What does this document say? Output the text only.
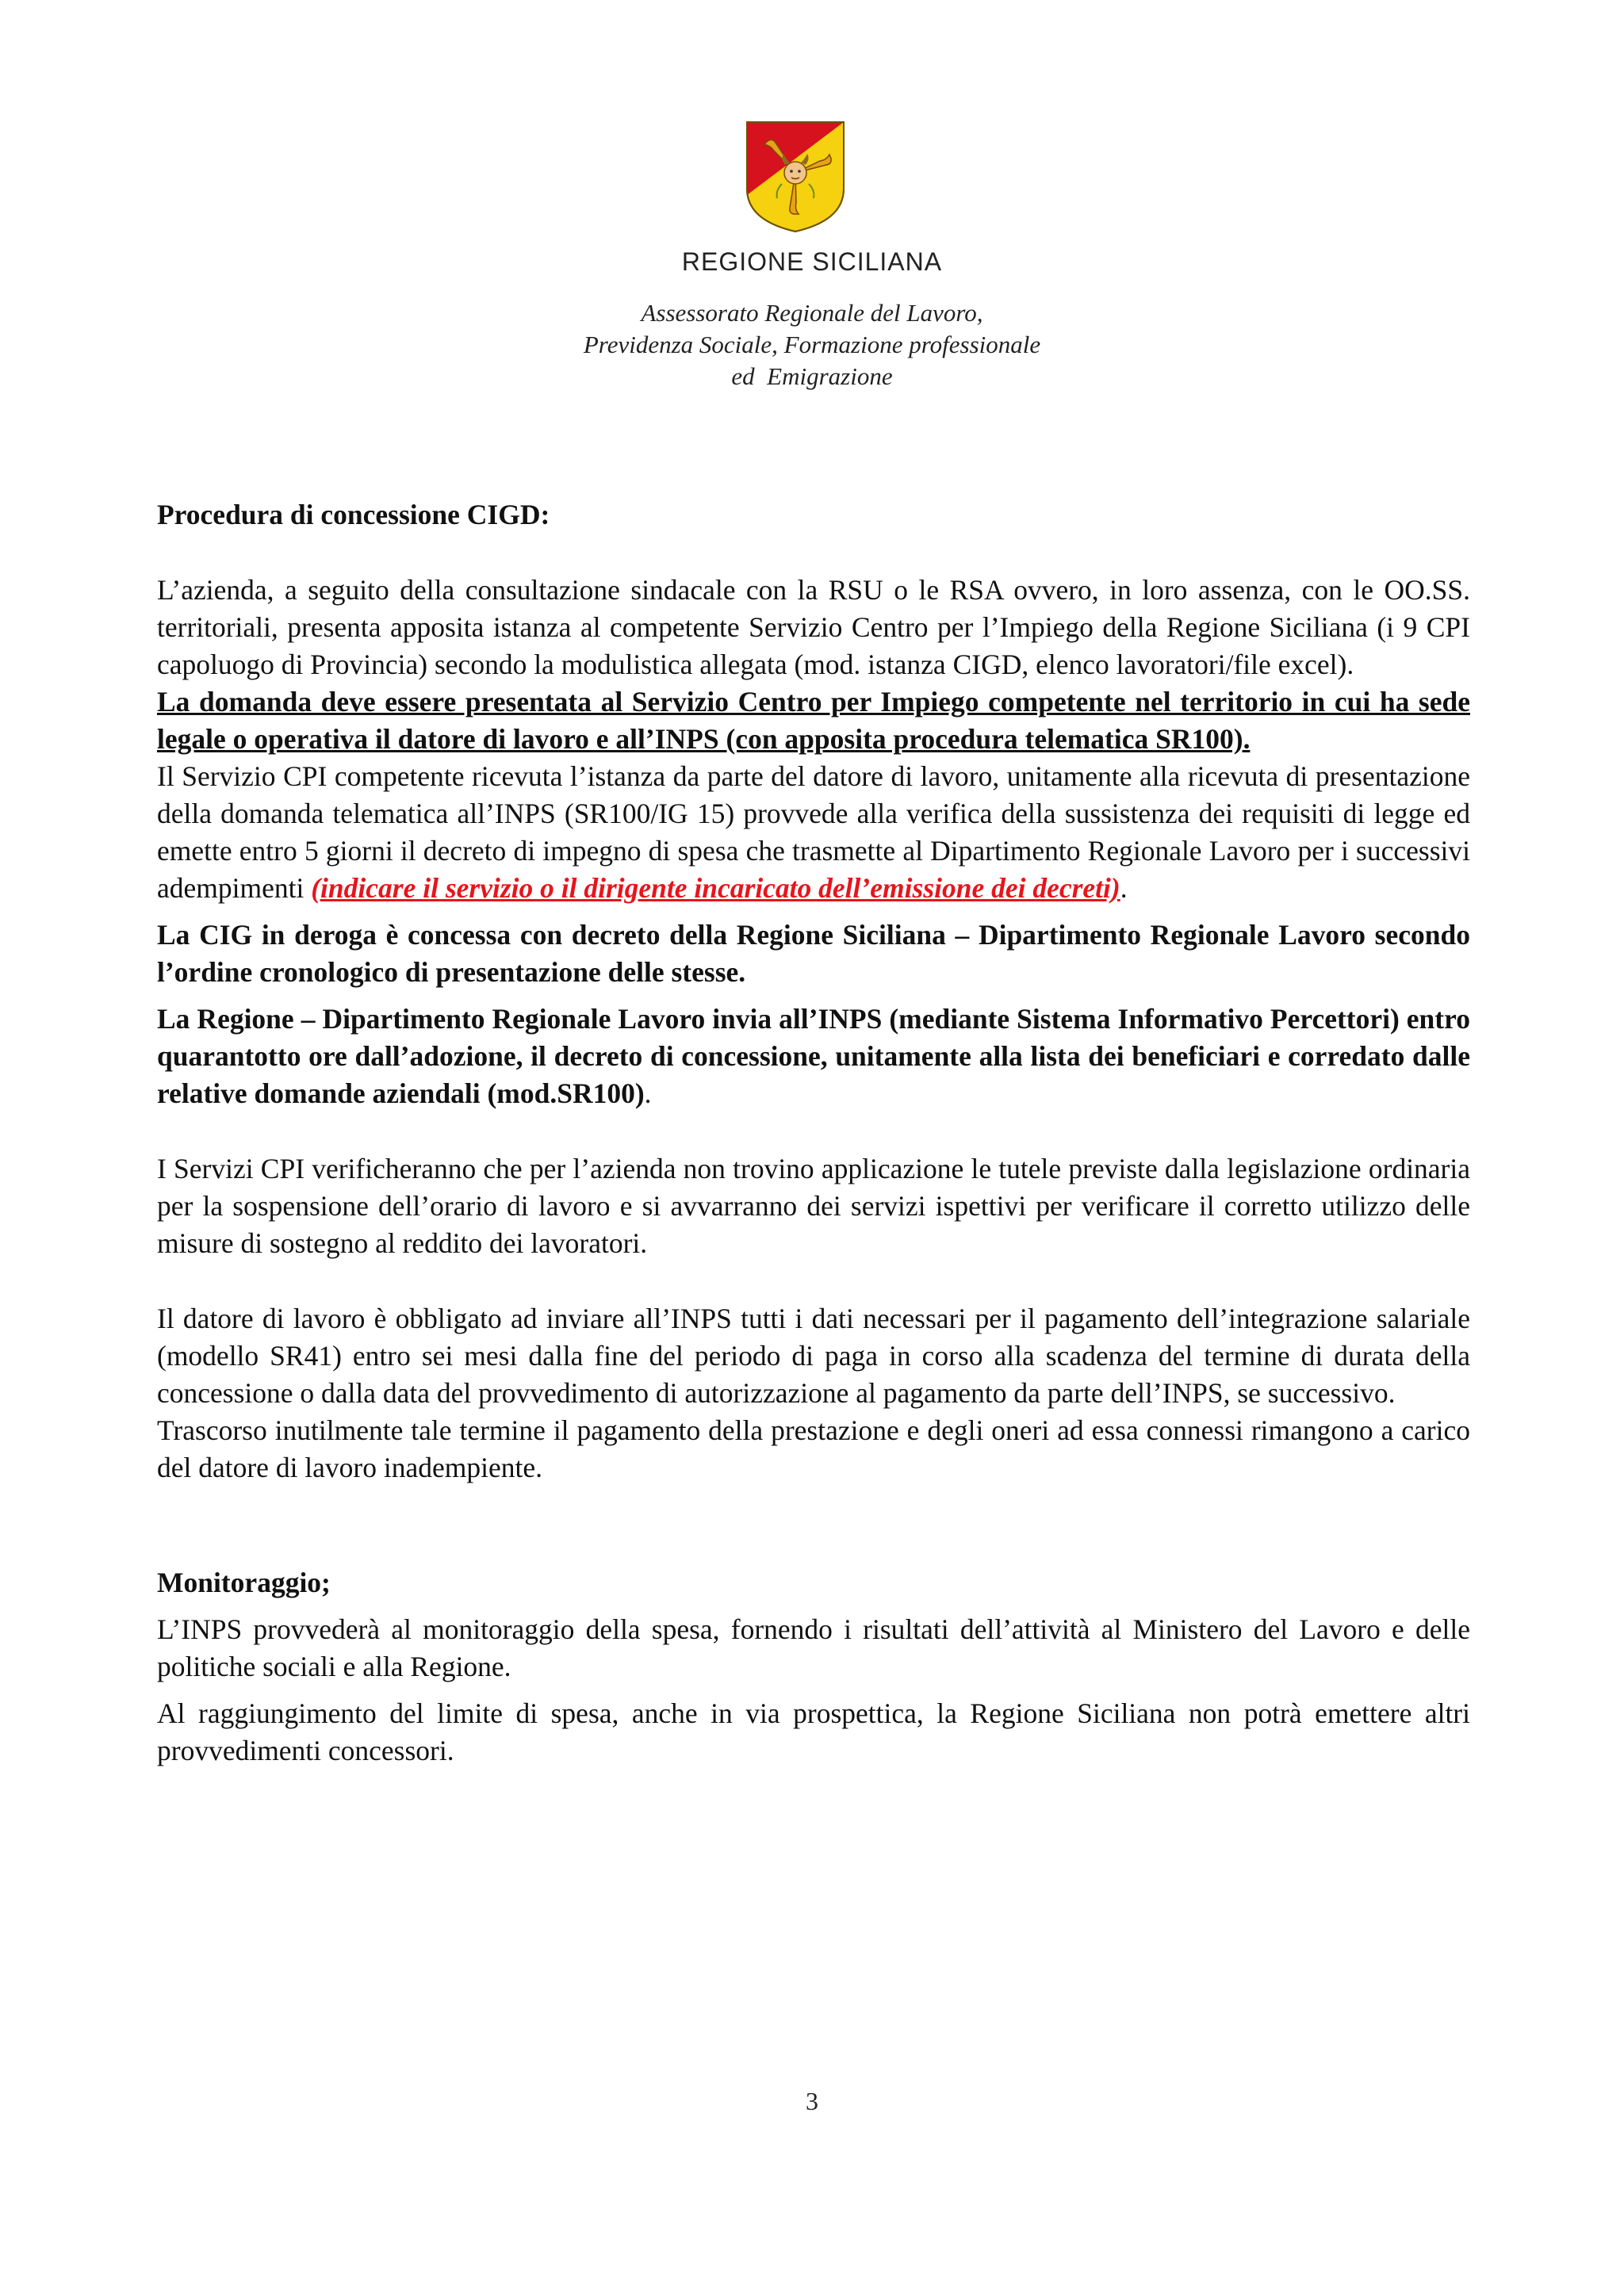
REGIONE SICILIANA
Assessorato Regionale del Lavoro,
Previdenza Sociale, Formazione professionale
ed  Emigrazione

Procedura di concessione CIGD:

L’azienda, a seguito della consultazione sindacale con la RSU o le RSA ovvero, in loro assenza, con le OO.SS. territoriali, presenta apposita istanza al competente Servizio Centro per l’Impiego della Regione Siciliana (i 9 CPI capoluogo di Provincia) secondo la modulistica allegata (mod. istanza CIGD, elenco lavoratori/file excel).

La domanda deve essere presentata al Servizio Centro per Impiego competente nel territorio in cui ha sede legale o operativa il datore di lavoro e all’INPS (con apposita procedura telematica SR100).

Il Servizio CPI competente ricevuta l’istanza da parte del datore di lavoro, unitamente alla ricevuta di presentazione della domanda telematica all’INPS (SR100/IG 15) provvede alla verifica della sussistenza dei requisiti di legge ed emette entro 5 giorni il decreto di impegno di spesa che trasmette al Dipartimento Regionale Lavoro per i successivi adempimenti (indicare il servizio o il dirigente incaricato dell’emissione dei decreti).

La CIG in deroga è concessa con decreto della Regione Siciliana – Dipartimento Regionale Lavoro secondo l’ordine cronologico di presentazione delle stesse.

La Regione – Dipartimento Regionale Lavoro invia all’INPS (mediante Sistema Informativo Percettori) entro quarantotto ore dall’adozione, il decreto di concessione, unitamente alla lista dei beneficiari e corredato dalle relative domande aziendali (mod.SR100).

I Servizi CPI verificheranno che per l’azienda non trovino applicazione le tutele previste dalla legislazione ordinaria per la sospensione dell’orario di lavoro e si avvarranno dei servizi ispettivi per verificare il corretto utilizzo delle misure di sostegno al reddito dei lavoratori.

Il datore di lavoro è obbligato ad inviare all’INPS tutti i dati necessari per il pagamento dell’integrazione salariale (modello SR41) entro sei mesi dalla fine del periodo di paga in corso alla scadenza del termine di durata della concessione o dalla data del provvedimento di autorizzazione al pagamento da parte dell’INPS, se successivo.

Trascorso inutilmente tale termine il pagamento della prestazione e degli oneri ad essa connessi rimangono a carico del datore di lavoro inadempiente.

Monitoraggio;

L’INPS provvederà al monitoraggio della spesa, fornendo i risultati dell’attività al Ministero del Lavoro e delle politiche sociali e alla Regione.

Al raggiungimento del limite di spesa, anche in via prospettica, la Regione Siciliana non potrà emettere altri provvedimenti concessori.

3
